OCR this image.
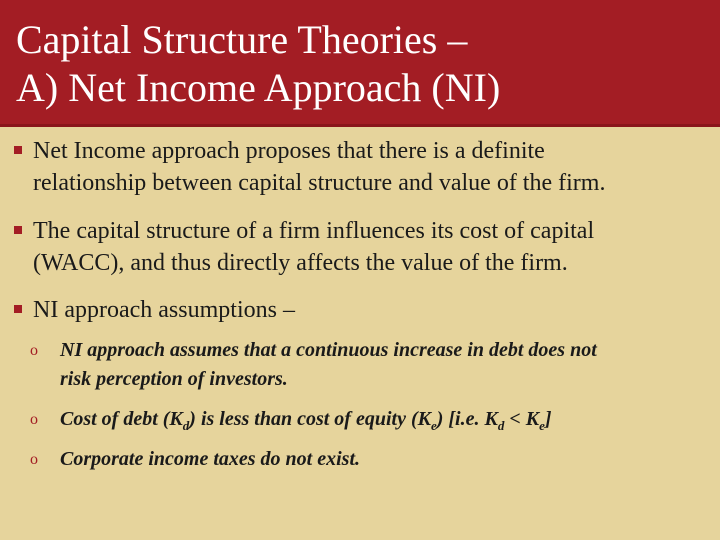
Capital Structure Theories –
A) Net Income Approach (NI)
Net Income approach proposes that there is a definite
relationship between capital structure and value of the firm.
The capital structure of a firm influences its cost of capital
(WACC), and thus directly affects the value of the firm.
NI approach assumptions –
o NI approach assumes that a continuous increase in debt does not
risk perception of investors.
o Cost of debt $(K_d)$ is less than cost of equity $(K_e)$ [i.e. $K_d < K_e$]
o Corporate income taxes do not exist.
